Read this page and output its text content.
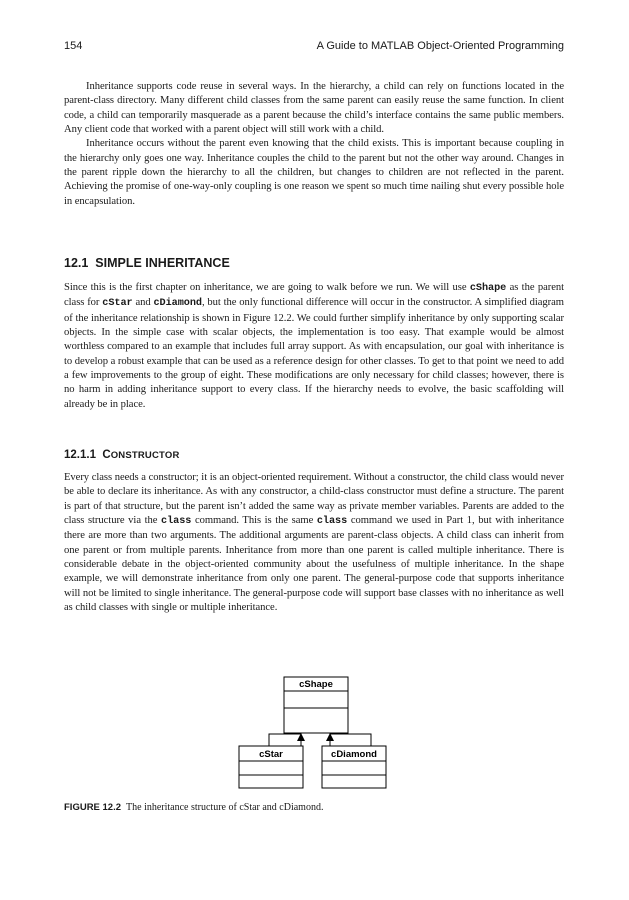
154	A Guide to MATLAB Object-Oriented Programming

Inheritance supports code reuse in several ways. In the hierarchy, a child can rely on functions located in the parent-class directory. Many different child classes from the same parent can easily reuse the same function. In client code, a child can temporarily masquerade as a parent because the child’s interface contains the same public members. Any client code that worked with a parent object will still work with a child.

Inheritance occurs without the parent even knowing that the child exists. This is important because coupling in the hierarchy only goes one way. Inheritance couples the child to the parent but not the other way around. Changes in the parent ripple down the hierarchy to all the children, but changes to children are not reflected in the parent. Achieving the promise of one-way-only coupling is one reason we spent so much time nailing shut every possible hole in encapsulation.

12.1 SIMPLE INHERITANCE

Since this is the first chapter on inheritance, we are going to walk before we run. We will use cShape as the parent class for cStar and cDiamond, but the only functional difference will occur in the constructor. A simplified diagram of the inheritance relationship is shown in Figure 12.2. We could further simplify inheritance by only supporting scalar objects. In the simple case with scalar objects, the implementation is too easy. That example would be almost worthless compared to an example that includes full array support. As with encapsulation, our goal with inheritance is to develop a robust example that can be used as a reference design for other classes. To get to that point we need to add a few improvements to the group of eight. These modifications are only necessary for child classes; however, there is no harm in adding inheritance support to every class. If the hierarchy needs to evolve, the basic scaffolding will already be in place.

12.1.1 CONSTRUCTOR

Every class needs a constructor; it is an object-oriented requirement. Without a constructor, the child class would never be able to declare its inheritance. As with any constructor, a child-class constructor must define a structure. The parent is part of that structure, but the parent isn’t added the same way as private member variables. Parents are added to the class structure via the class command. This is the same class command we used in Part 1, but with inheritance there are more than two arguments. The additional arguments are parent-class objects. A child class can inherit from one parent or from multiple parents. Inheritance from more than one parent is called multiple inheritance. There is considerable debate in the object-oriented community about the usefulness of multiple inheritance. In the shape example, we will demonstrate inheritance from only one parent. The general-purpose code that supports inheritance will not be limited to single inheritance. The general-purpose code will support base classes with no inheritance as well as child classes with single or multiple inheritance.

cShape
cStar	cDiamond

FIGURE 12.2 The inheritance structure of cStar and cDiamond.
